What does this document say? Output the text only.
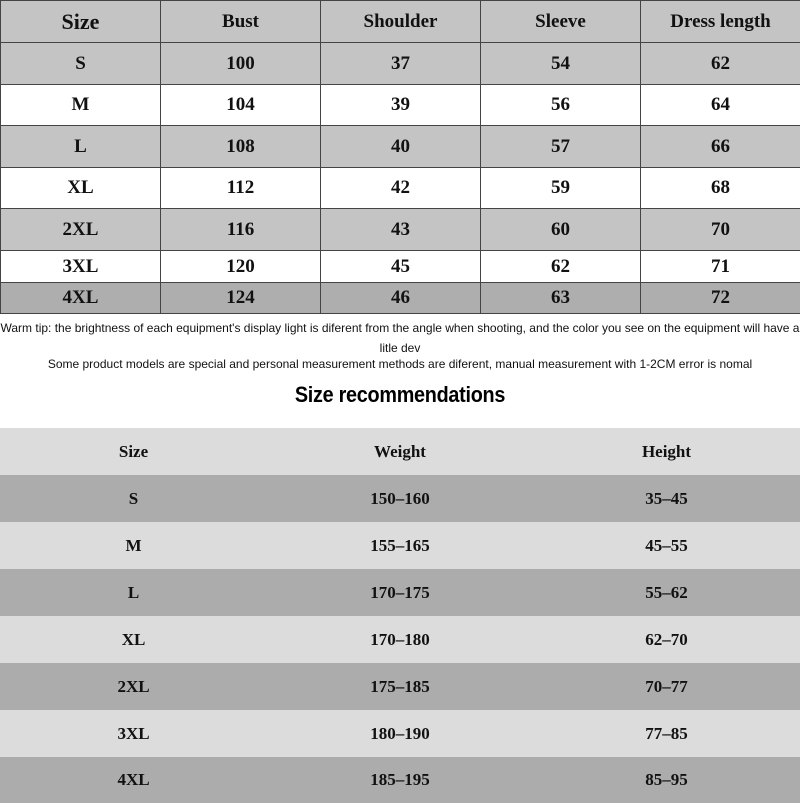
Size	Bust	Shoulder	Sleeve	Dress length
S	100	37	54	62
M	104	39	56	64
L	108	40	57	66
XL	112	42	59	68
2XL	116	43	60	70
3XL	120	45	62	71
4XL	124	46	63	72

Warm tip: the brightness of each equipment's display light is diferent from the angle when shooting, and the color you see on the equipment will have a litle dev

Some product models are special and personal measurement methods are diferent, manual measurement with 1-2CM error is nomal

Size recommendations
Size	Weight	Height
S	150–160	35–45
M	155–165	45–55
L	170–175	55–62
XL	170–180	62–70
2XL	175–185	70–77
3XL	180–190	77–85
4XL	185–195	85–95
